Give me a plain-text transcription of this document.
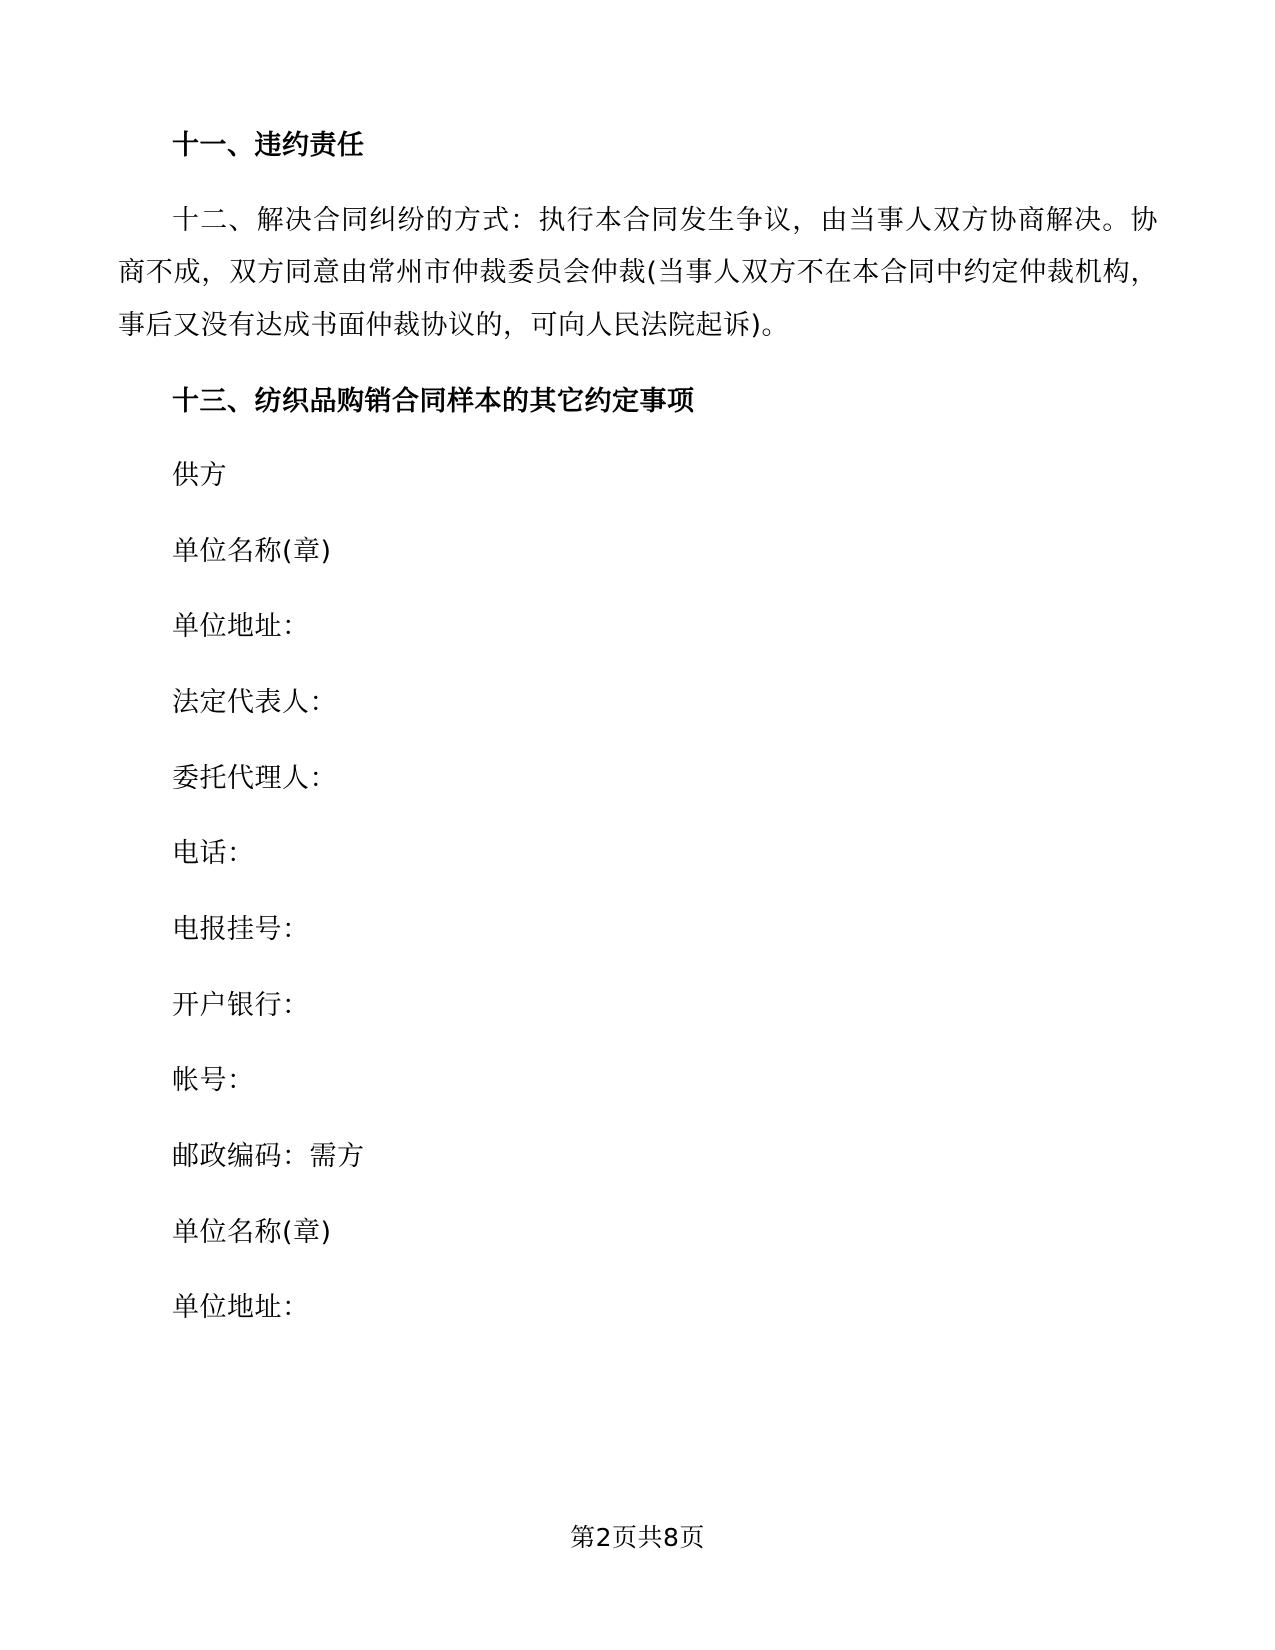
十一、违约责任

十二、解决合同纠纷的方式：执行本合同发生争议，由当事人双方协商解决。协商不成，双方同意由常州市仲裁委员会仲裁(当事人双方不在本合同中约定仲裁机构，事后又没有达成书面仲裁协议的，可向人民法院起诉)。

十三、纺织品购销合同样本的其它约定事项

供方

单位名称(章)

单位地址：

法定代表人：

委托代理人：

电话：

电报挂号：

开户银行：

帐号：

邮政编码：需方

单位名称(章)

单位地址：

第2页共8页
